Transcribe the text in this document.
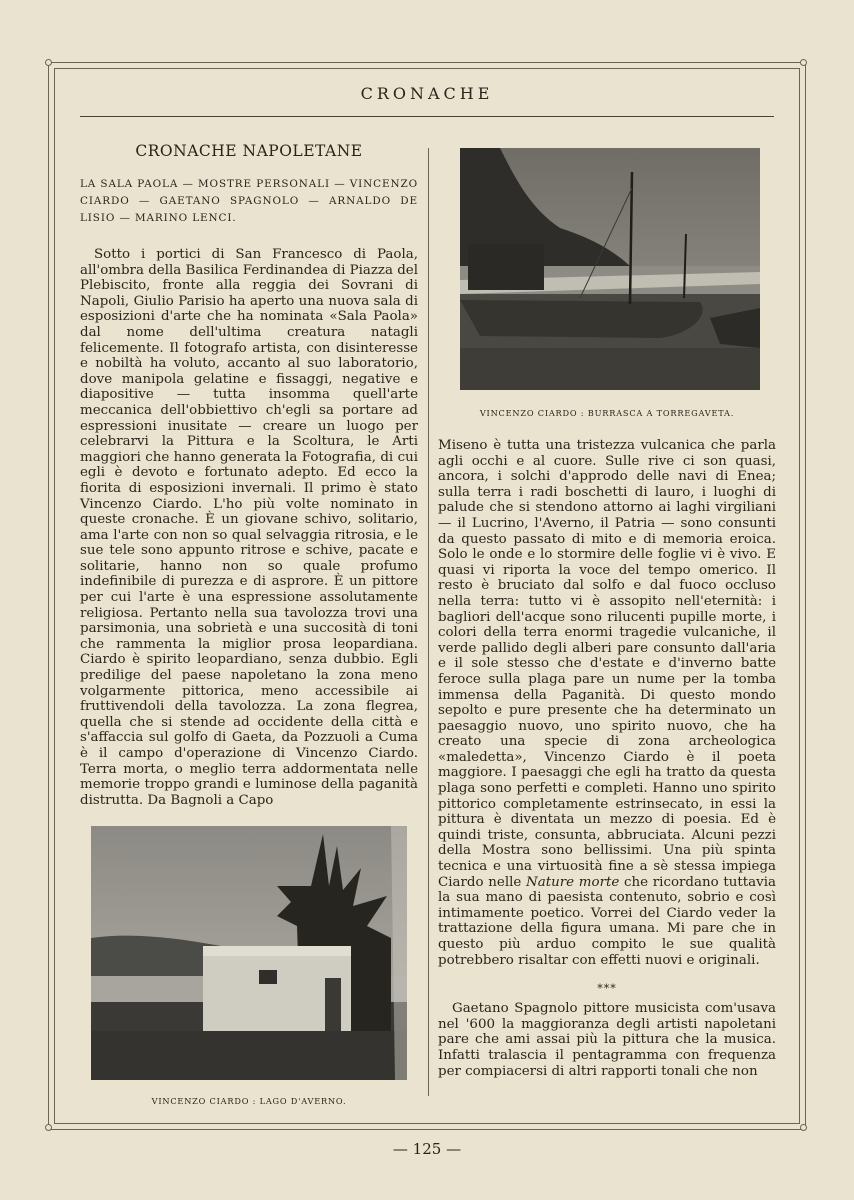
CRONACHE
CRONACHE NAPOLETANE

LA SALA PAOLA — MOSTRE PERSONALI — VINCENZO CIARDO — GAETANO SPAGNOLO — ARNALDO DE LISIO — MARINO LENCI.

Sotto i portici di San Francesco di Paola, all'ombra della Basilica Ferdinandea di Piazza del Plebiscito, fronte alla reggia dei Sovrani di Napoli, Giulio Parisio ha aperto una nuova sala di esposizioni d'arte che ha nominata «Sala Paola» dal nome dell'ultima creatura natagli felicemente. Il fotografo artista, con disinteresse e nobiltà ha voluto, accanto al suo laboratorio, dove manipola gelatine e fissaggi, negative e diapositive — tutta insomma quell'arte meccanica dell'obbiettivo ch'egli sa portare ad espressioni inusitate — creare un luogo per celebrarvi la Pittura e la Scoltura, le Arti maggiori che hanno generata la Fotografia, di cui egli è devoto e fortunato adepto. Ed ecco la fiorita di esposizioni invernali. Il primo è stato Vincenzo Ciardo. L'ho più volte nominato in queste cronache. È un giovane schivo, solitario, ama l'arte con non so qual selvaggia ritrosia, e le sue tele sono appunto ritrose e schive, pacate e solitarie, hanno non so quale profumo indefinibile di purezza e di asprore. È un pittore per cui l'arte è una espressione assolutamente religiosa. Pertanto nella sua tavolozza trovi una parsimonia, una sobrietà e una succosità di toni che rammenta la miglior prosa leopardiana. Ciardo è spirito leopardiano, senza dubbio. Egli predilige del paese napoletano la zona meno volgarmente pittorica, meno accessibile ai fruttivendoli della tavolozza. La zona flegrea, quella che si stende ad occidente della città e s'affaccia sul golfo di Gaeta, da Pozzuoli a Cuma è il campo d'operazione di Vincenzo Ciardo. Terra morta, o meglio terra addormentata nelle memorie troppo grandi e luminose della paganità distrutta. Da Bagnoli a Capo

VINCENZO CIARDO : LAGO D'AVERNO.
VINCENZO CIARDO : BURRASCA A TORREGAVETA.

Miseno è tutta una tristezza vulcanica che parla agli occhi e al cuore. Sulle rive ci son quasi, ancora, i solchi d'approdo delle navi di Enea; sulla terra i radi boschetti di lauro, i luoghi di palude che si stendono attorno ai laghi virgiliani — il Lucrino, l'Averno, il Patria — sono consunti da questo passato di mito e di memoria eroica. Solo le onde e lo stormire delle foglie vi è vivo. E quasi vi riporta la voce del tempo omerico. Il resto è bruciato dal solfo e dal fuoco occluso nella terra: tutto vi è assopito nell'eternità: i bagliori dell'acque sono rilucenti pupille morte, i colori della terra enormi tragedie vulcaniche, il verde pallido degli alberi pare consunto dall'aria e il sole stesso che d'estate e d'inverno batte feroce sulla plaga pare un nume per la tomba immensa della Paganità. Di questo mondo sepolto e pure presente che ha determinato un paesaggio nuovo, uno spirito nuovo, che ha creato una specie di zona archeologica «maledetta», Vincenzo Ciardo è il poeta maggiore. I paesaggi che egli ha tratto da questa plaga sono perfetti e completi. Hanno uno spirito pittorico completamente estrinsecato, in essi la pittura è diventata un mezzo di poesia. Ed è quindi triste, consunta, abbruciata. Alcuni pezzi della Mostra sono bellissimi. Una più spinta tecnica e una virtuosità fine a sè stessa impiega Ciardo nelle Nature morte che ricordano tuttavia la sua mano di paesista contenuto, sobrio e così intimamente poetico. Vorrei del Ciardo veder la trattazione della figura umana. Mi pare che in questo più arduo compito le sue qualità potrebbero risaltar con effetti nuovi e originali.

***

Gaetano Spagnolo pittore musicista com'usava nel '600 la maggioranza degli artisti napoletani pare che ami assai più la pittura che la musica. Infatti tralascia il pentagramma con frequenza per compiacersi di altri rapporti tonali che non

— 125 —
